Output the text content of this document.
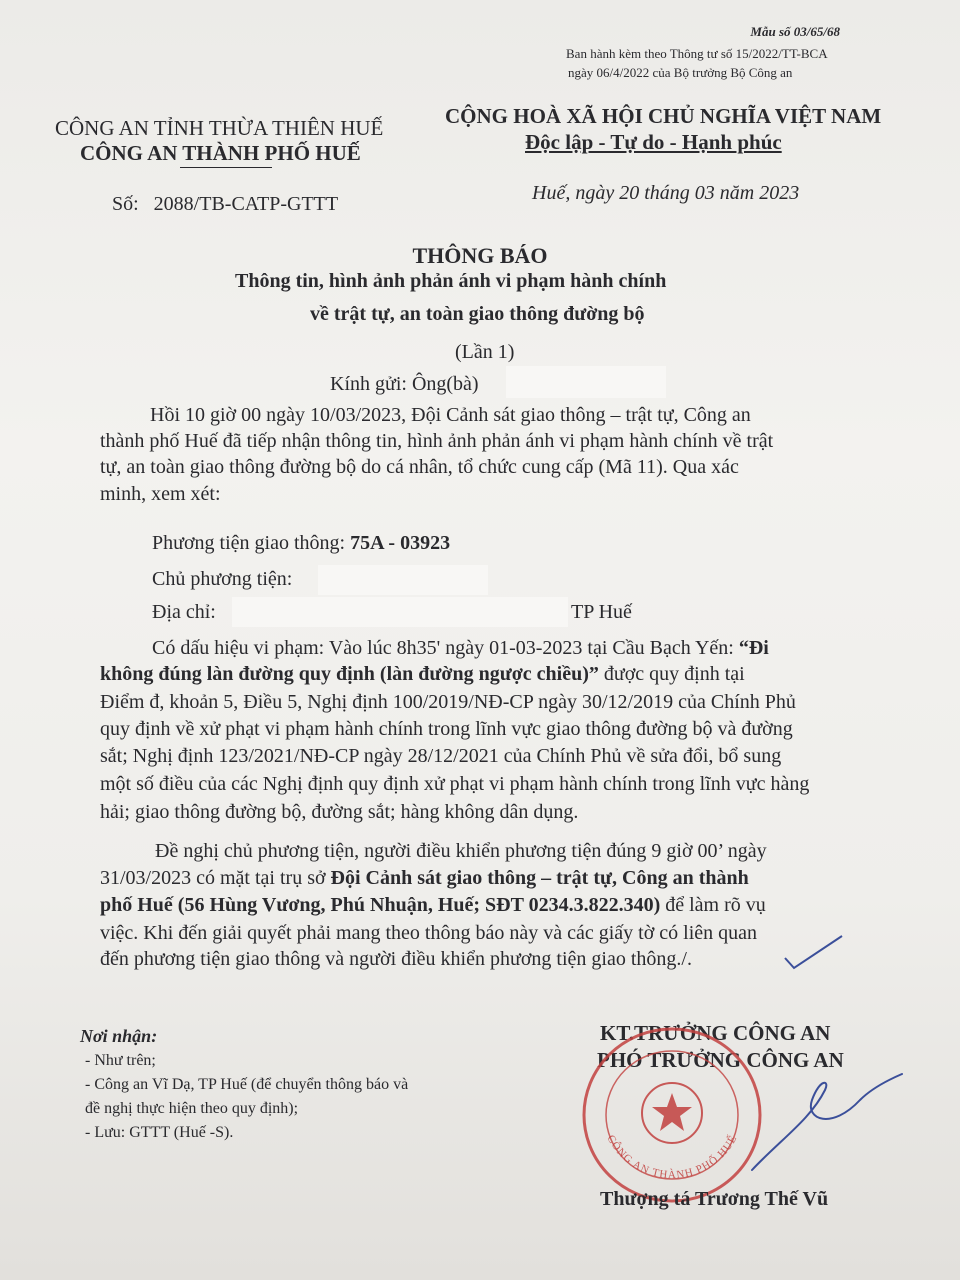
Mẫu số 03/65/68
Ban hành kèm theo Thông tư số 15/2022/TT-BCA
ngày 06/4/2022 của Bộ trưởng Bộ Công an
CÔNG AN TỈNH THỪA THIÊN HUẾ
CÔNG AN THÀNH PHỐ HUẾ
CỘNG HOÀ XÃ HỘI CHỦ NGHĨA VIỆT NAM
Độc lập - Tự do - Hạnh phúc
Số:   2088/TB-CATP-GTTT	Huế, ngày 20 tháng 03 năm 2023
THÔNG BÁO
Thông tin, hình ảnh phản ánh vi phạm hành chính
về trật tự, an toàn giao thông đường bộ
(Lần 1)
Kính gửi: Ông(bà)
Hồi 10 giờ 00 ngày 10/03/2023, Đội Cảnh sát giao thông – trật tự, Công an
thành phố Huế đã tiếp nhận thông tin, hình ảnh phản ánh vi phạm hành chính về trật
tự, an toàn giao thông đường bộ do cá nhân, tổ chức cung cấp (Mã 11). Qua xác
minh, xem xét:
Phương tiện giao thông: 75A - 03923
Chủ phương tiện:
Địa chỉ:	TP Huế
Có dấu hiệu vi phạm: Vào lúc 8h35' ngày 01-03-2023 tại Cầu Bạch Yến: “Đi
không đúng làn đường quy định (làn đường ngược chiều)” được quy định tại
Điểm đ, khoản 5, Điều 5, Nghị định 100/2019/NĐ-CP ngày 30/12/2019 của Chính Phủ
quy định về xử phạt vi phạm hành chính trong lĩnh vực giao thông đường bộ và đường
sắt; Nghị định 123/2021/NĐ-CP ngày 28/12/2021 của Chính Phủ về sửa đổi, bổ sung
một số điều của các Nghị định quy định xử phạt vi phạm hành chính trong lĩnh vực hàng
hải; giao thông đường bộ, đường sắt; hàng không dân dụng.
Đề nghị chủ phương tiện, người điều khiển phương tiện đúng 9 giờ 00’ ngày
31/03/2023 có mặt tại trụ sở Đội Cảnh sát giao thông – trật tự, Công an thành
phố Huế (56 Hùng Vương, Phú Nhuận, Huế; SĐT 0234.3.822.340) để làm rõ vụ
việc. Khi đến giải quyết phải mang theo thông báo này và các giấy tờ có liên quan
đến phương tiện giao thông và người điều khiển phương tiện giao thông./.
Nơi nhận:
- Như trên;
- Công an Vĩ Dạ, TP Huế (để chuyển thông báo và
đề nghị thực hiện theo quy định);
- Lưu: GTTT (Huế -S).
KT.TRƯỞNG CÔNG AN
PHÓ TRƯỞNG CÔNG AN
CÔNG AN THÀNH PHỐ HUẾ
Thượng tá Trương Thế Vũ
